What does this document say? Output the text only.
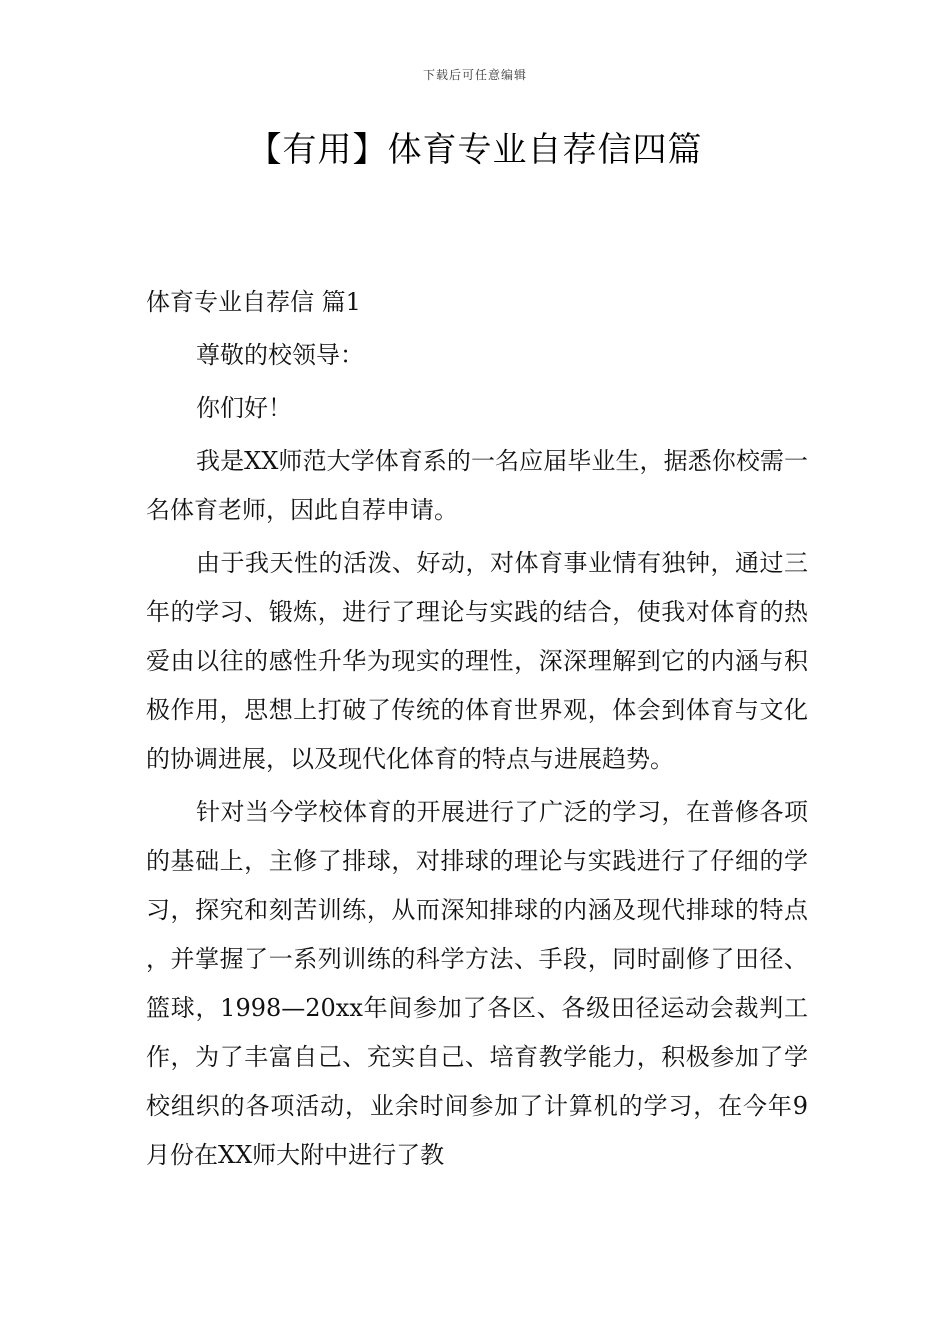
下载后可任意编辑
【有用】体育专业自荐信四篇

体育专业自荐信 篇1

尊敬的校领导：

你们好！

我是XX师范大学体育系的一名应届毕业生，据悉你校需一名体育老师，因此自荐申请。

由于我天性的活泼、好动，对体育事业情有独钟，通过三年的学习、锻炼，进行了理论与实践的结合，使我对体育的热爱由以往的感性升华为现实的理性，深深理解到它的内涵与积极作用，思想上打破了传统的体育世界观，体会到体育与文化的协调进展，以及现代化体育的特点与进展趋势。

针对当今学校体育的开展进行了广泛的学习，在普修各项的基础上，主修了排球，对排球的理论与实践进行了仔细的学习，探究和刻苦训练，从而深知排球的内涵及现代排球的特点，并掌握了一系列训练的科学方法、手段，同时副修了田径、篮球，1998—20xx年间参加了各区、各级田径运动会裁判工作，为了丰富自己、充实自己、培育教学能力，积极参加了学校组织的各项活动，业余时间参加了计算机的学习，在今年9月份在XX师大附中进行了教
